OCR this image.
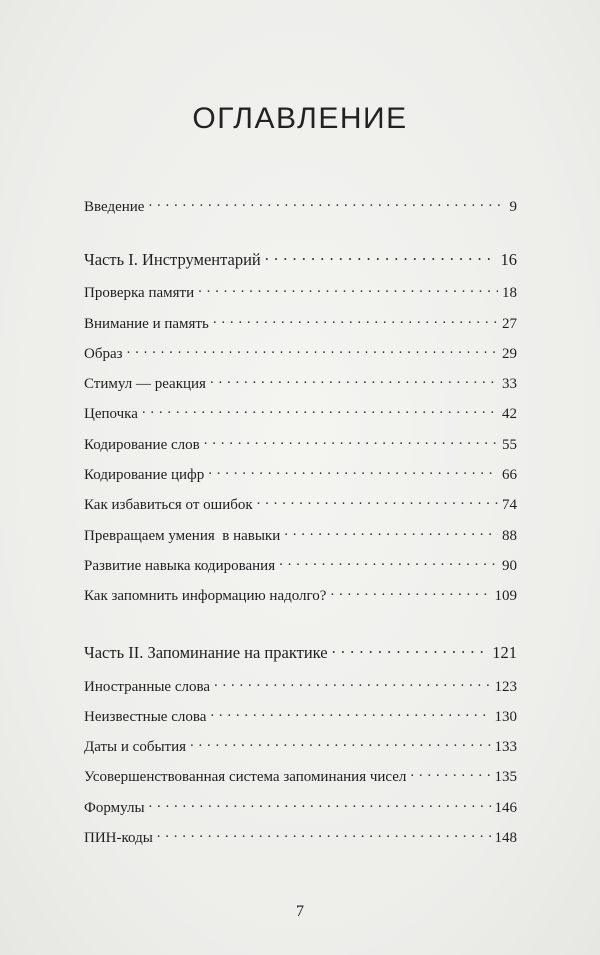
ОГЛАВЛЕНИЕ
Введение . . .	9
Часть I. Инструментарий . . .	16
Проверка памяти . . .	18
Внимание и память . . .	27
Образ . . .	29
Стимул — реакция . . .	33
Цепочка . . .	42
Кодирование слов . . .	55
Кодирование цифр . . .	66
Как избавиться от ошибок . . .	74
Превращаем умения  в навыки . . .	88
Развитие навыка кодирования . . .	90
Как запомнить информацию надолго? . . .	109
Часть II. Запоминание на практике . . .	121
Иностранные слова . . .	123
Неизвестные слова . . .	130
Даты и события . . .	133
Усовершенствованная система запоминания чисел . . .	135
Формулы . . .	146
ПИН-коды . . .	148
7
